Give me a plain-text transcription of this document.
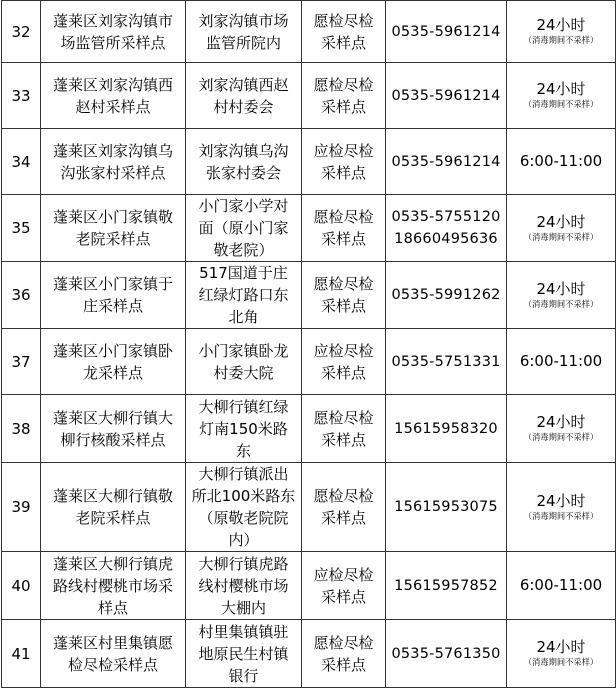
32	蓬莱区刘家沟镇市
场监管所采样点	刘家沟镇市场
监管所院内	愿检尽检
采样点	0535-5961214	24小时
（消毒期间不采样）

33	蓬莱区刘家沟镇西
赵村采样点	刘家沟镇西赵
村村委会	愿检尽检
采样点	0535-5961214	24小时
（消毒期间不采样）

34	蓬莱区刘家沟镇乌
沟张家村采样点	刘家沟镇乌沟
张家村委会	应检尽检
采样点	0535-5961214	6:00-11:00

35	蓬莱区小门家镇敬
老院采样点	小门家小学对
面（原小门家
敬老院）	愿检尽检
采样点	0535-5755120
18660495636	24小时
（消毒期间不采样）

36	蓬莱区小门家镇于
庄采样点	517国道于庄
红绿灯路口东
北角	愿检尽检
采样点	0535-5991262	24小时
（消毒期间不采样）

37	蓬莱区小门家镇卧
龙采样点	小门家镇卧龙
村委大院	应检尽检
采样点	0535-5751331	6:00-11:00

38	蓬莱区大柳行镇大
柳行核酸采样点	大柳行镇红绿
灯南150米路
东	愿检尽检
采样点	15615958320	24小时
（消毒期间不采样）

39	蓬莱区大柳行镇敬
老院采样点	大柳行镇派出
所北100米路东
（原敬老院院
内）	愿检尽检
采样点	15615953075	24小时
（消毒期间不采样）

40	蓬莱区大柳行镇虎
路线村樱桃市场采
样点	大柳行镇虎路
线村樱桃市场
大棚内	应检尽检
采样点	15615957852	6:00-11:00

41	蓬莱区村里集镇愿
检尽检采样点	村里集镇镇驻
地原民生村镇
银行	愿检尽检
采样点	0535-5761350	24小时
（消毒期间不采样）
